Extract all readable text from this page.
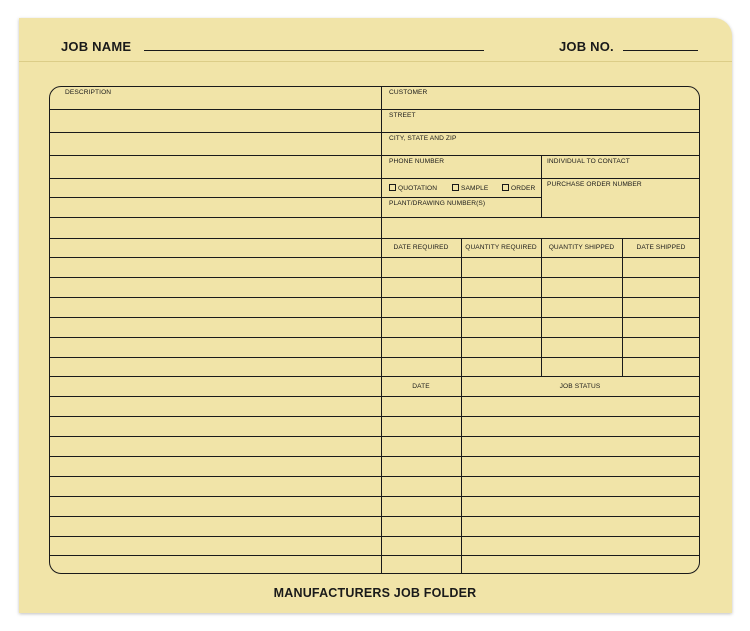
JOB NAME	JOB NO.
DESCRIPTION	CUSTOMER
STREET
CITY, STATE AND ZIP
PHONE NUMBER	INDIVIDUAL TO CONTACT
QUOTATION	SAMPLE	ORDER
PURCHASE ORDER NUMBER
PLANT/DRAWING NUMBER(S)
DATE REQUIRED	QUANTITY REQUIRED	QUANTITY SHIPPED	DATE SHIPPED
DATE	JOB STATUS
MANUFACTURERS JOB FOLDER
